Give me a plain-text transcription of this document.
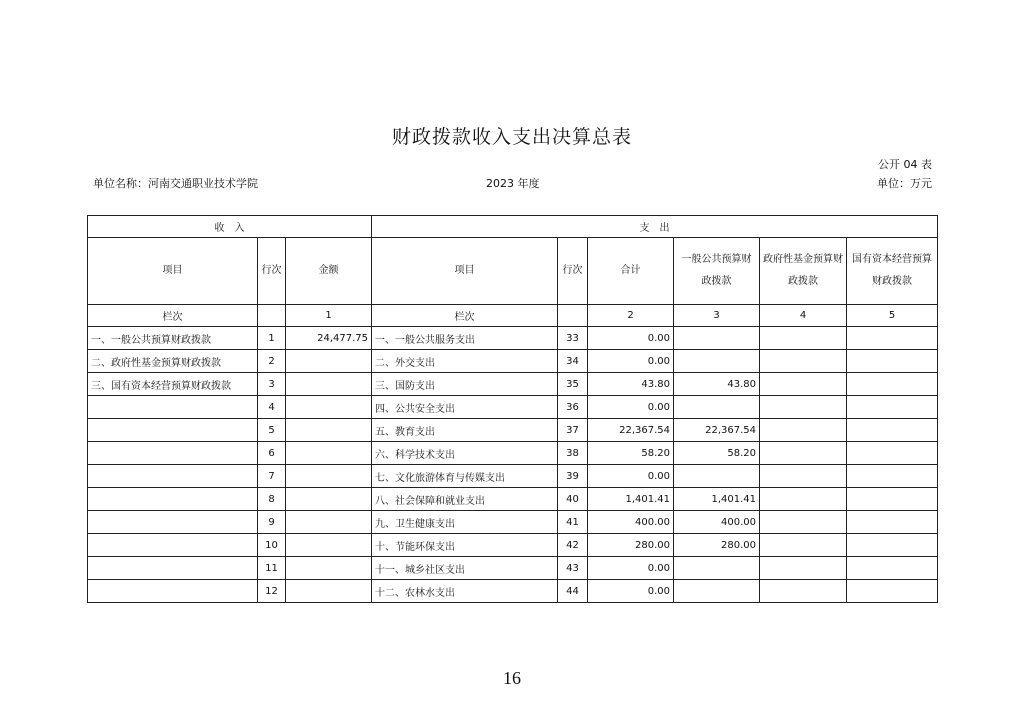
财政拨款收入支出决算总表
公开 04 表
单位名称：河南交通职业技术学院	2023 年度	单位：万元
收　入			支　出					
项目	行次	金额	项目	行次	合计	一般公共预算财政拨款	政府性基金预算财政拨款	国有资本经营预算财政拨款
栏次		1	栏次		2	3	4	5
一、一般公共预算财政拨款	1	24,477.75	一、一般公共服务支出	33	0.00			
二、政府性基金预算财政拨款	2		二、外交支出	34	0.00			
三、国有资本经营预算财政拨款	3		三、国防支出	35	43.80	43.80		
	4		四、公共安全支出	36	0.00			
	5		五、教育支出	37	22,367.54	22,367.54		
	6		六、科学技术支出	38	58.20	58.20		
	7		七、文化旅游体育与传媒支出	39	0.00			
	8		八、社会保障和就业支出	40	1,401.41	1,401.41		
	9		九、卫生健康支出	41	400.00	400.00		
	10		十、节能环保支出	42	280.00	280.00		
	11		十一、城乡社区支出	43	0.00			
	12		十二、农林水支出	44	0.00			
16
